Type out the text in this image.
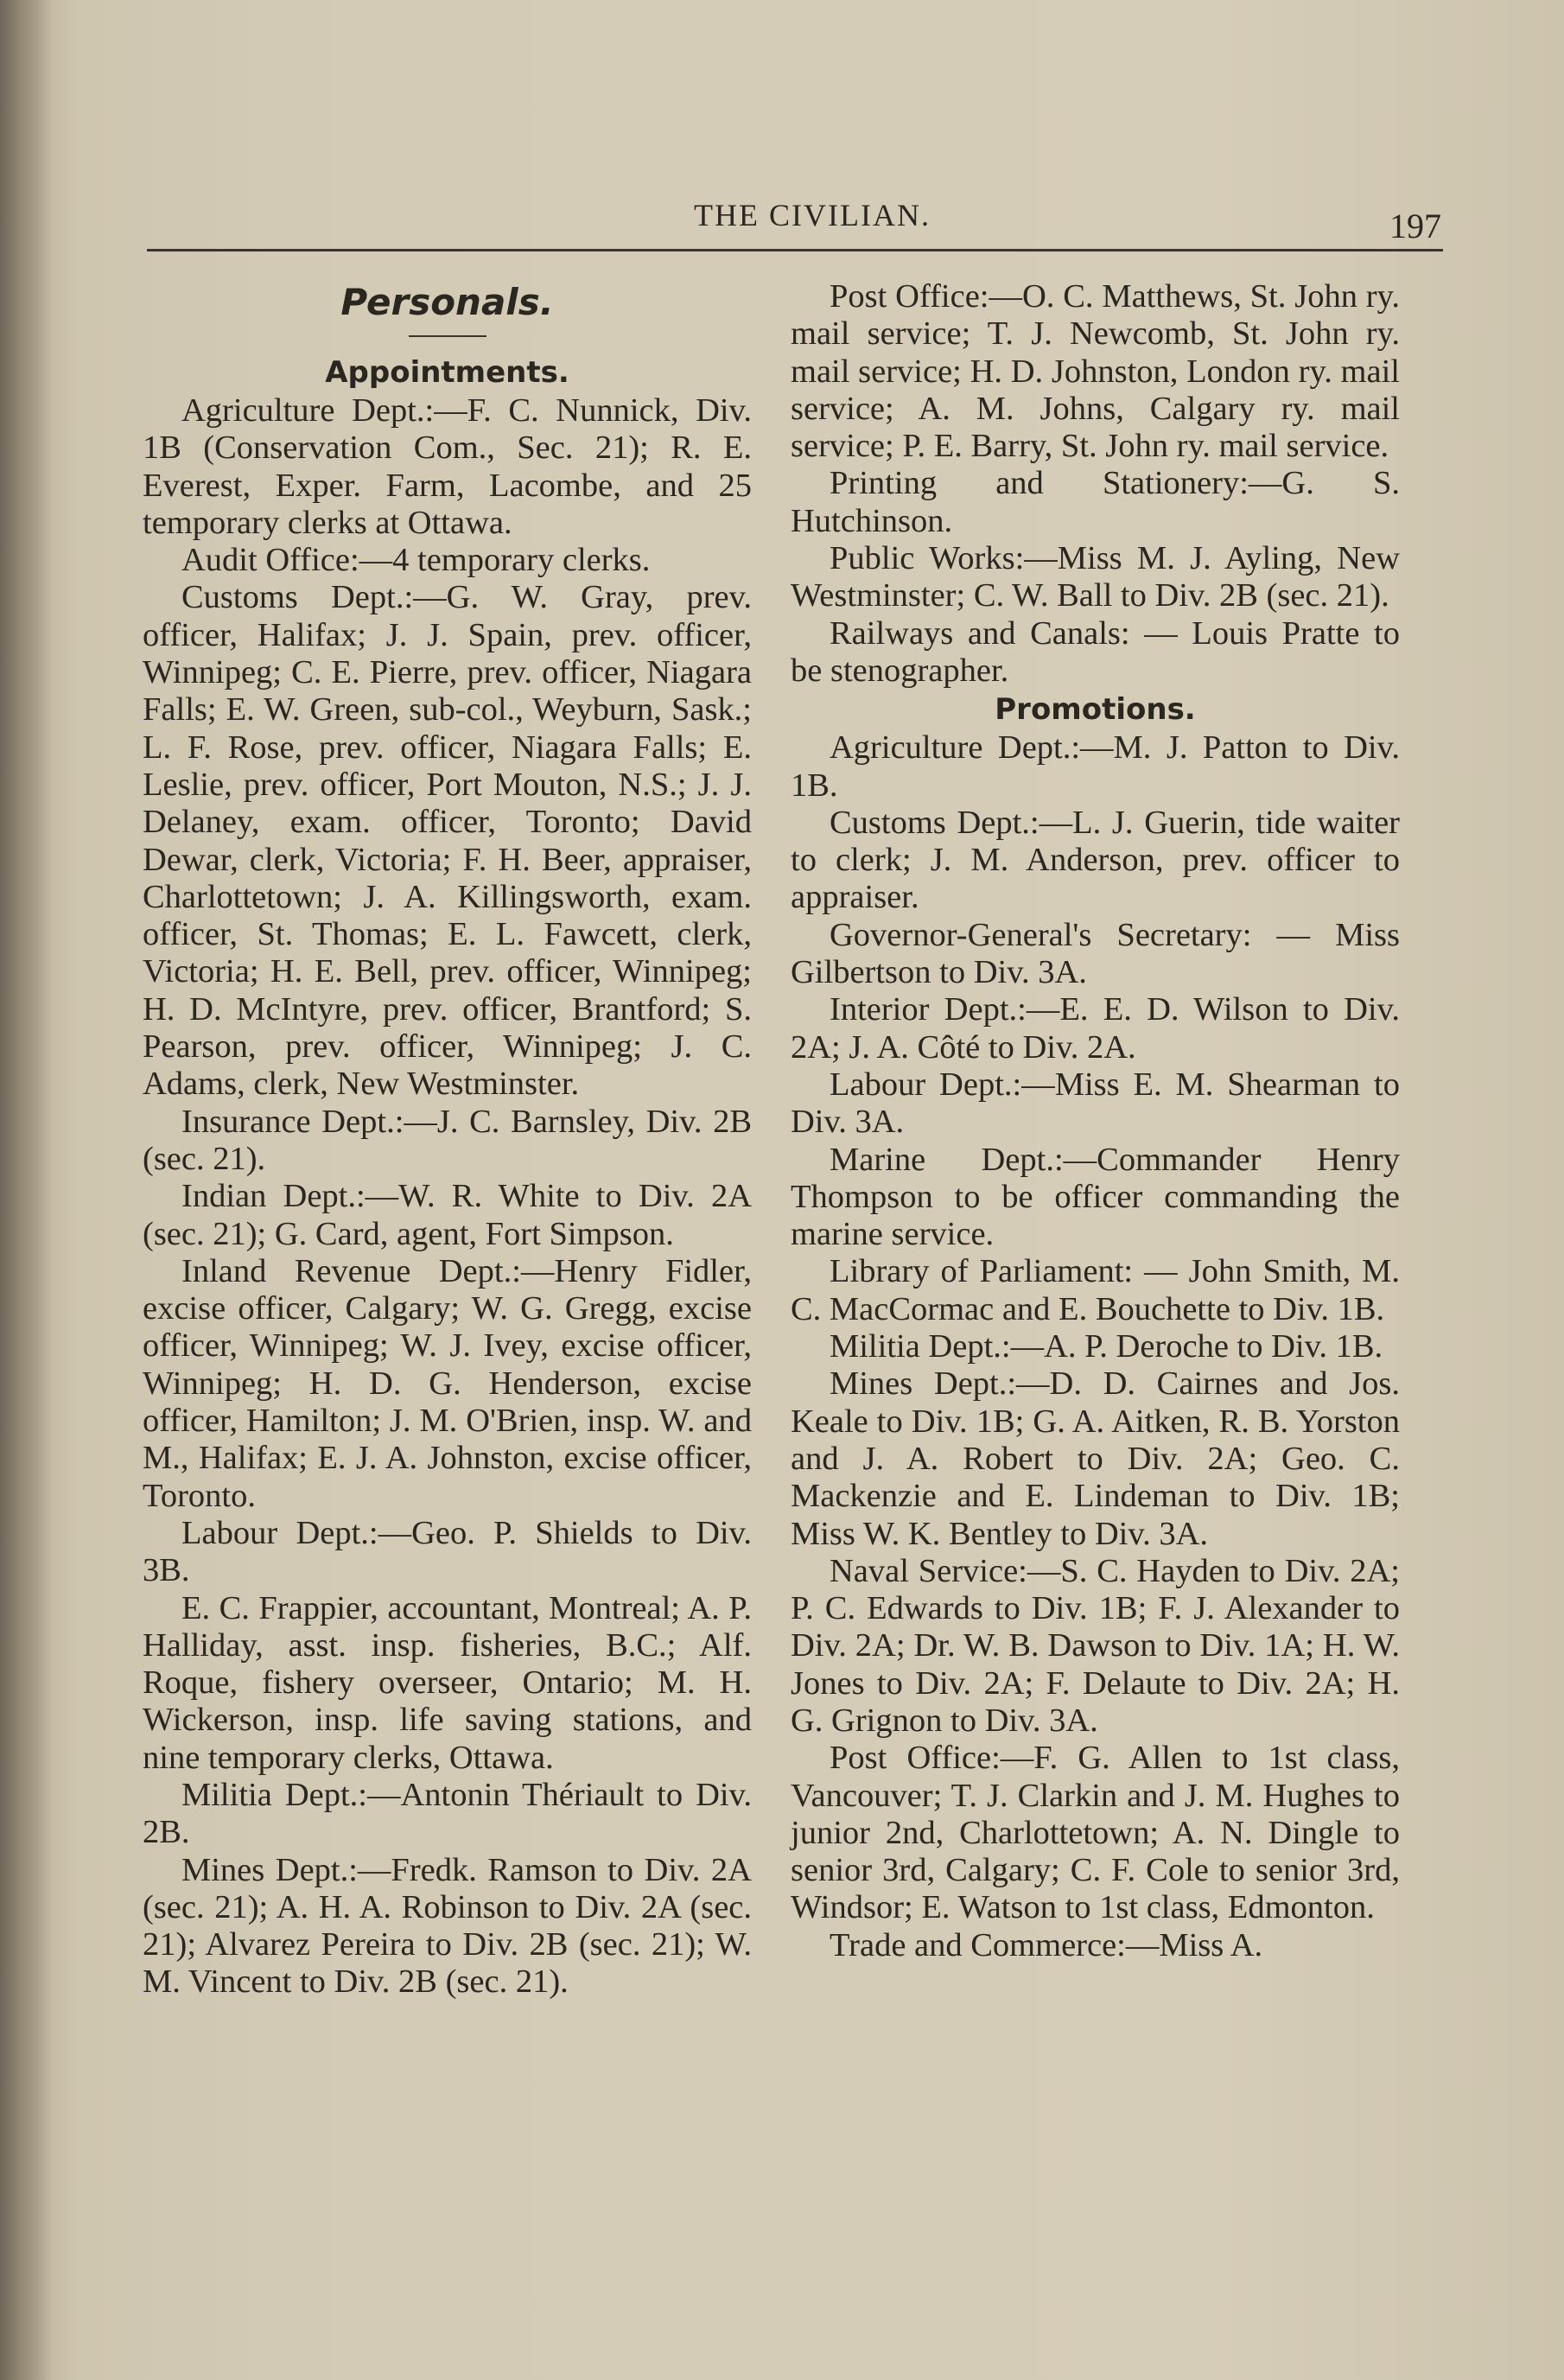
THE CIVILIAN.	197

Personals.

Appointments.

Agriculture Dept.:—F. C. Nunnick, Div. 1B (Conservation Com., Sec. 21); R. E. Everest, Exper. Farm, Lacombe, and 25 temporary clerks at Ottawa.

Audit Office:—4 temporary clerks.

Customs Dept.:—G. W. Gray, prev. officer, Halifax; J. J. Spain, prev. officer, Winnipeg; C. E. Pierre, prev. officer, Niagara Falls; E. W. Green, sub-col., Weyburn, Sask.; L. F. Rose, prev. officer, Niagara Falls; E. Leslie, prev. officer, Port Mouton, N.S.; J. J. Delaney, exam. officer, Toronto; David Dewar, clerk, Victoria; F. H. Beer, appraiser, Charlottetown; J. A. Killingsworth, exam. officer, St. Thomas; E. L. Fawcett, clerk, Victoria; H. E. Bell, prev. officer, Winnipeg; H. D. McIntyre, prev. officer, Brantford; S. Pearson, prev. officer, Winnipeg; J. C. Adams, clerk, New Westminster.

Insurance Dept.:—J. C. Barnsley, Div. 2B (sec. 21).

Indian Dept.:—W. R. White to Div. 2A (sec. 21); G. Card, agent, Fort Simpson.

Inland Revenue Dept.:—Henry Fidler, excise officer, Calgary; W. G. Gregg, excise officer, Winnipeg; W. J. Ivey, excise officer, Winnipeg; H. D. G. Henderson, excise officer, Hamilton; J. M. O'Brien, insp. W. and M., Halifax; E. J. A. Johnston, excise officer, Toronto.

Labour Dept.:—Geo. P. Shields to Div. 3B.

E. C. Frappier, accountant, Montreal; A. P. Halliday, asst. insp. fisheries, B.C.; Alf. Roque, fishery overseer, Ontario; M. H. Wickerson, insp. life saving stations, and nine temporary clerks, Ottawa.

Militia Dept.:—Antonin Thériault to Div. 2B.

Mines Dept.:—Fredk. Ramson to Div. 2A (sec. 21); A. H. A. Robinson to Div. 2A (sec. 21); Alvarez Pereira to Div. 2B (sec. 21); W. M. Vincent to Div. 2B (sec. 21).

Post Office:—O. C. Matthews, St. John ry. mail service; T. J. Newcomb, St. John ry. mail service; H. D. Johnston, London ry. mail service; A. M. Johns, Calgary ry. mail service; P. E. Barry, St. John ry. mail service.

Printing and Stationery:—G. S. Hutchinson.

Public Works:—Miss M. J. Ayling, New Westminster; C. W. Ball to Div. 2B (sec. 21).

Railways and Canals: — Louis Pratte to be stenographer.

Promotions.

Agriculture Dept.:—M. J. Patton to Div. 1B.

Customs Dept.:—L. J. Guerin, tide waiter to clerk; J. M. Anderson, prev. officer to appraiser.

Governor-General's Secretary: — Miss Gilbertson to Div. 3A.

Interior Dept.:—E. E. D. Wilson to Div. 2A; J. A. Côté to Div. 2A.

Labour Dept.:—Miss E. M. Shearman to Div. 3A.

Marine Dept.:—Commander Henry Thompson to be officer commanding the marine service.

Library of Parliament: — John Smith, M. C. MacCormac and E. Bouchette to Div. 1B.

Militia Dept.:—A. P. Deroche to Div. 1B.

Mines Dept.:—D. D. Cairnes and Jos. Keale to Div. 1B; G. A. Aitken, R. B. Yorston and J. A. Robert to Div. 2A; Geo. C. Mackenzie and E. Lindeman to Div. 1B; Miss W. K. Bentley to Div. 3A.

Naval Service:—S. C. Hayden to Div. 2A; P. C. Edwards to Div. 1B; F. J. Alexander to Div. 2A; Dr. W. B. Dawson to Div. 1A; H. W. Jones to Div. 2A; F. Delaute to Div. 2A; H. G. Grignon to Div. 3A.

Post Office:—F. G. Allen to 1st class, Vancouver; T. J. Clarkin and J. M. Hughes to junior 2nd, Charlottetown; A. N. Dingle to senior 3rd, Calgary; C. F. Cole to senior 3rd, Windsor; E. Watson to 1st class, Edmonton.

Trade and Commerce:—Miss A.
